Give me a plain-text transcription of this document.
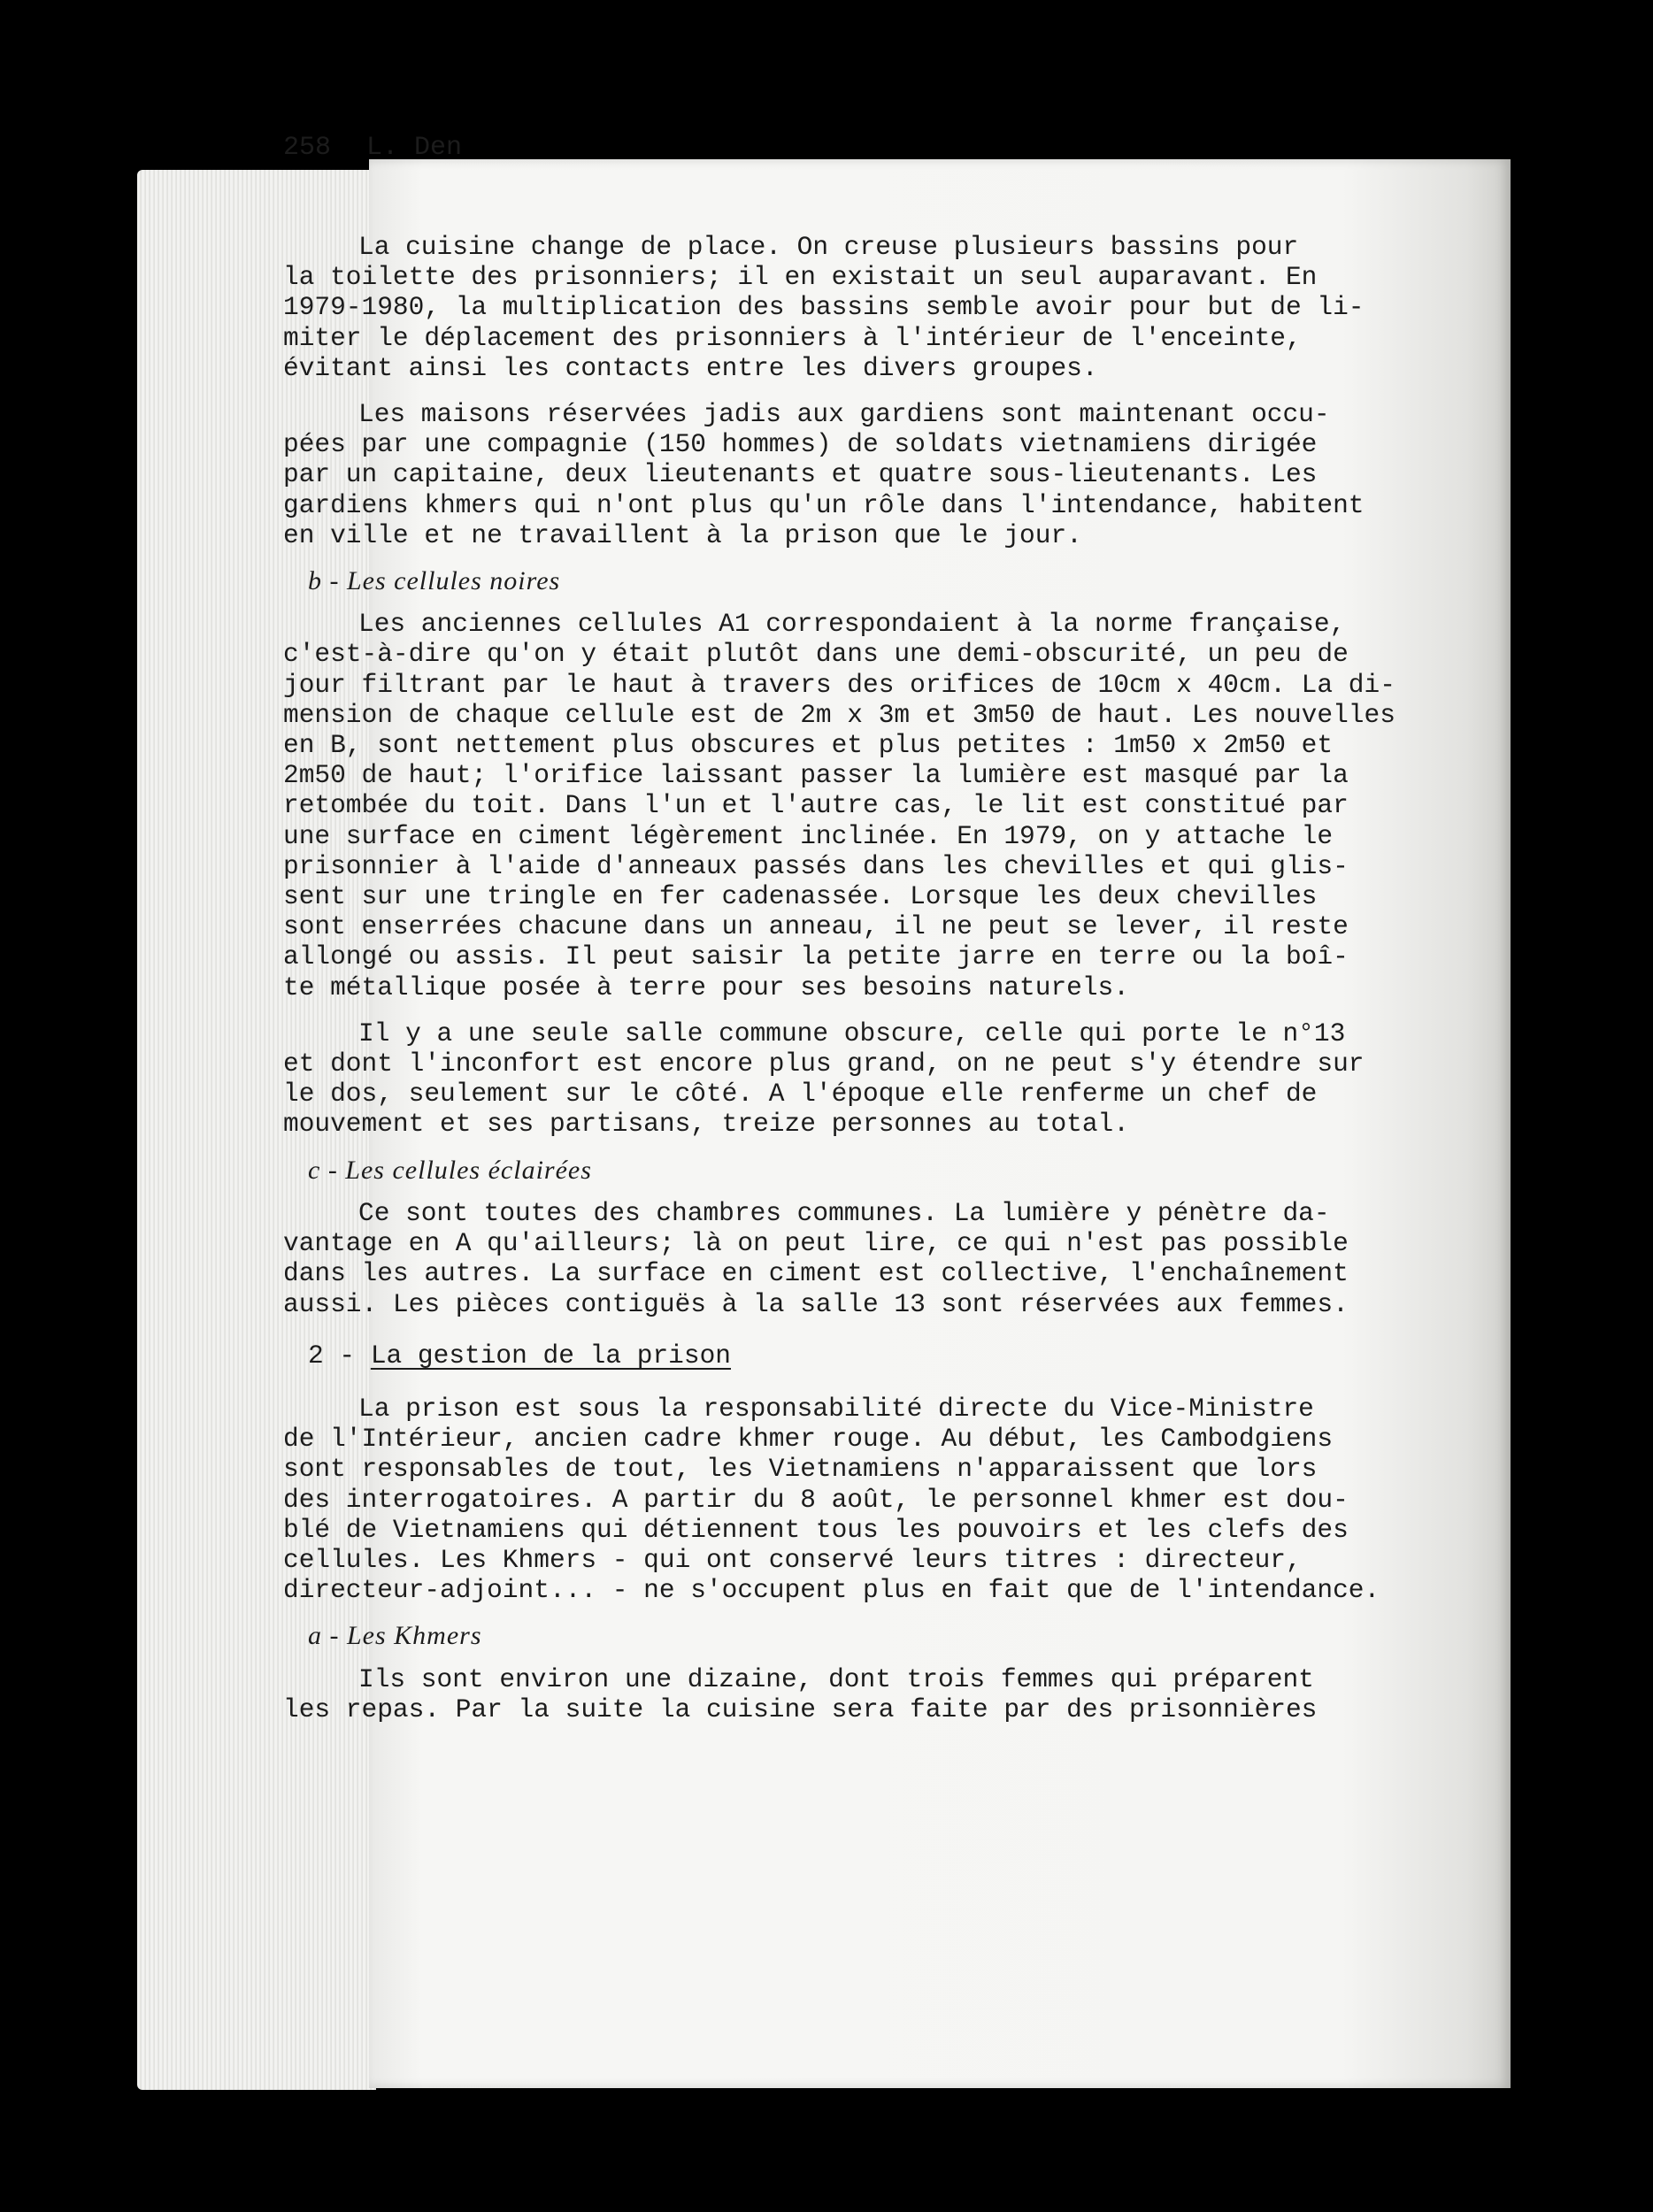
258 L. Den
La cuisine change de place. On creuse plusieurs bassins pour
la toilette des prisonniers; il en existait un seul auparavant. En
1979-1980, la multiplication des bassins semble avoir pour but de li-
miter le déplacement des prisonniers à l'intérieur de l'enceinte,
évitant ainsi les contacts entre les divers groupes.
Les maisons réservées jadis aux gardiens sont maintenant occu-
pées par une compagnie (150 hommes) de soldats vietnamiens dirigée
par un capitaine, deux lieutenants et quatre sous-lieutenants. Les
gardiens khmers qui n'ont plus qu'un rôle dans l'intendance, habitent
en ville et ne travaillent à la prison que le jour.
b - Les cellules noires
Les anciennes cellules A1 correspondaient à la norme française,
c'est-à-dire qu'on y était plutôt dans une demi-obscurité, un peu de
jour filtrant par le haut à travers des orifices de 10cm x 40cm. La di-
mension de chaque cellule est de 2m x 3m et 3m50 de haut. Les nouvelles
en B, sont nettement plus obscures et plus petites : 1m50 x 2m50 et
2m50 de haut; l'orifice laissant passer la lumière est masqué par la
retombée du toit. Dans l'un et l'autre cas, le lit est constitué par
une surface en ciment légèrement inclinée. En 1979, on y attache le
prisonnier à l'aide d'anneaux passés dans les chevilles et qui glis-
sent sur une tringle en fer cadenassée. Lorsque les deux chevilles
sont enserrées chacune dans un anneau, il ne peut se lever, il reste
allongé ou assis. Il peut saisir la petite jarre en terre ou la boî-
te métallique posée à terre pour ses besoins naturels.
Il y a une seule salle commune obscure, celle qui porte le n°13
et dont l'inconfort est encore plus grand, on ne peut s'y étendre sur
le dos, seulement sur le côté. A l'époque elle renferme un chef de
mouvement et ses partisans, treize personnes au total.
c - Les cellules éclairées
Ce sont toutes des chambres communes. La lumière y pénètre da-
vantage en A qu'ailleurs; là on peut lire, ce qui n'est pas possible
dans les autres. La surface en ciment est collective, l'enchaînement
aussi. Les pièces contiguës à la salle 13 sont réservées aux femmes.
2 - La gestion de la prison
La prison est sous la responsabilité directe du Vice-Ministre
de l'Intérieur, ancien cadre khmer rouge. Au début, les Cambodgiens
sont responsables de tout, les Vietnamiens n'apparaissent que lors
des interrogatoires. A partir du 8 août, le personnel khmer est dou-
blé de Vietnamiens qui détiennent tous les pouvoirs et les clefs des
cellules. Les Khmers - qui ont conservé leurs titres : directeur,
directeur-adjoint... - ne s'occupent plus en fait que de l'intendance.
a - Les Khmers
Ils sont environ une dizaine, dont trois femmes qui préparent
les repas. Par la suite la cuisine sera faite par des prisonnières
